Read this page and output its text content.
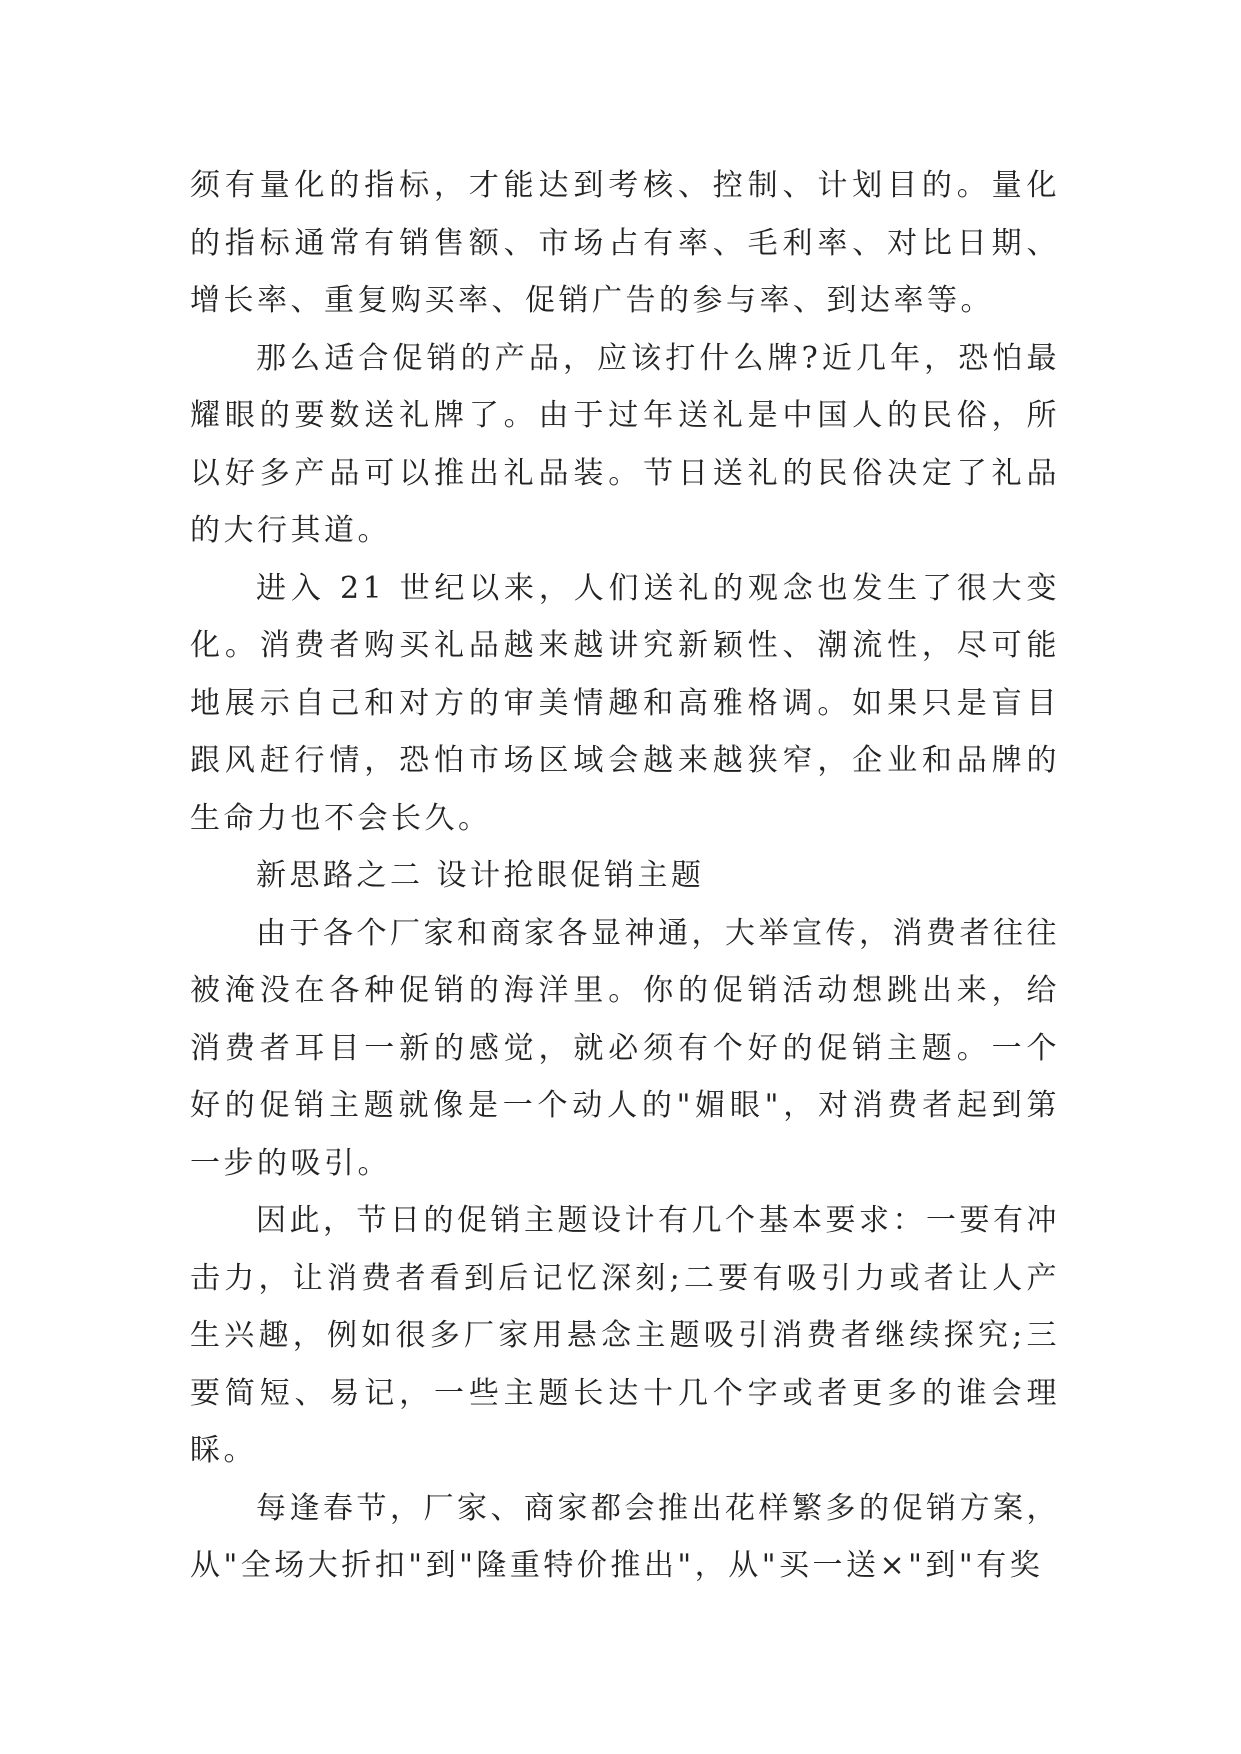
须有量化的指标，才能达到考核、控制、计划目的。量化的指标通常有销售额、市场占有率、毛利率、对比日期、增长率、重复购买率、促销广告的参与率、到达率等。

那么适合促销的产品，应该打什么牌?近几年，恐怕最耀眼的要数送礼牌了。由于过年送礼是中国人的民俗，所以好多产品可以推出礼品装。节日送礼的民俗决定了礼品的大行其道。

进入 21 世纪以来，人们送礼的观念也发生了很大变化。消费者购买礼品越来越讲究新颖性、潮流性，尽可能地展示自己和对方的审美情趣和高雅格调。如果只是盲目跟风赶行情，恐怕市场区域会越来越狭窄，企业和品牌的生命力也不会长久。

新思路之二 设计抢眼促销主题

由于各个厂家和商家各显神通，大举宣传，消费者往往被淹没在各种促销的海洋里。你的促销活动想跳出来，给消费者耳目一新的感觉，就必须有个好的促销主题。一个好的促销主题就像是一个动人的"媚眼"，对消费者起到第一步的吸引。

因此，节日的促销主题设计有几个基本要求：一要有冲击力，让消费者看到后记忆深刻;二要有吸引力或者让人产生兴趣，例如很多厂家用悬念主题吸引消费者继续探究;三要简短、易记，一些主题长达十几个字或者更多的谁会理睬。

每逢春节，厂家、商家都会推出花样繁多的促销方案，从"全场大折扣"到"隆重特价推出"，从"买一送×"到"有奖
